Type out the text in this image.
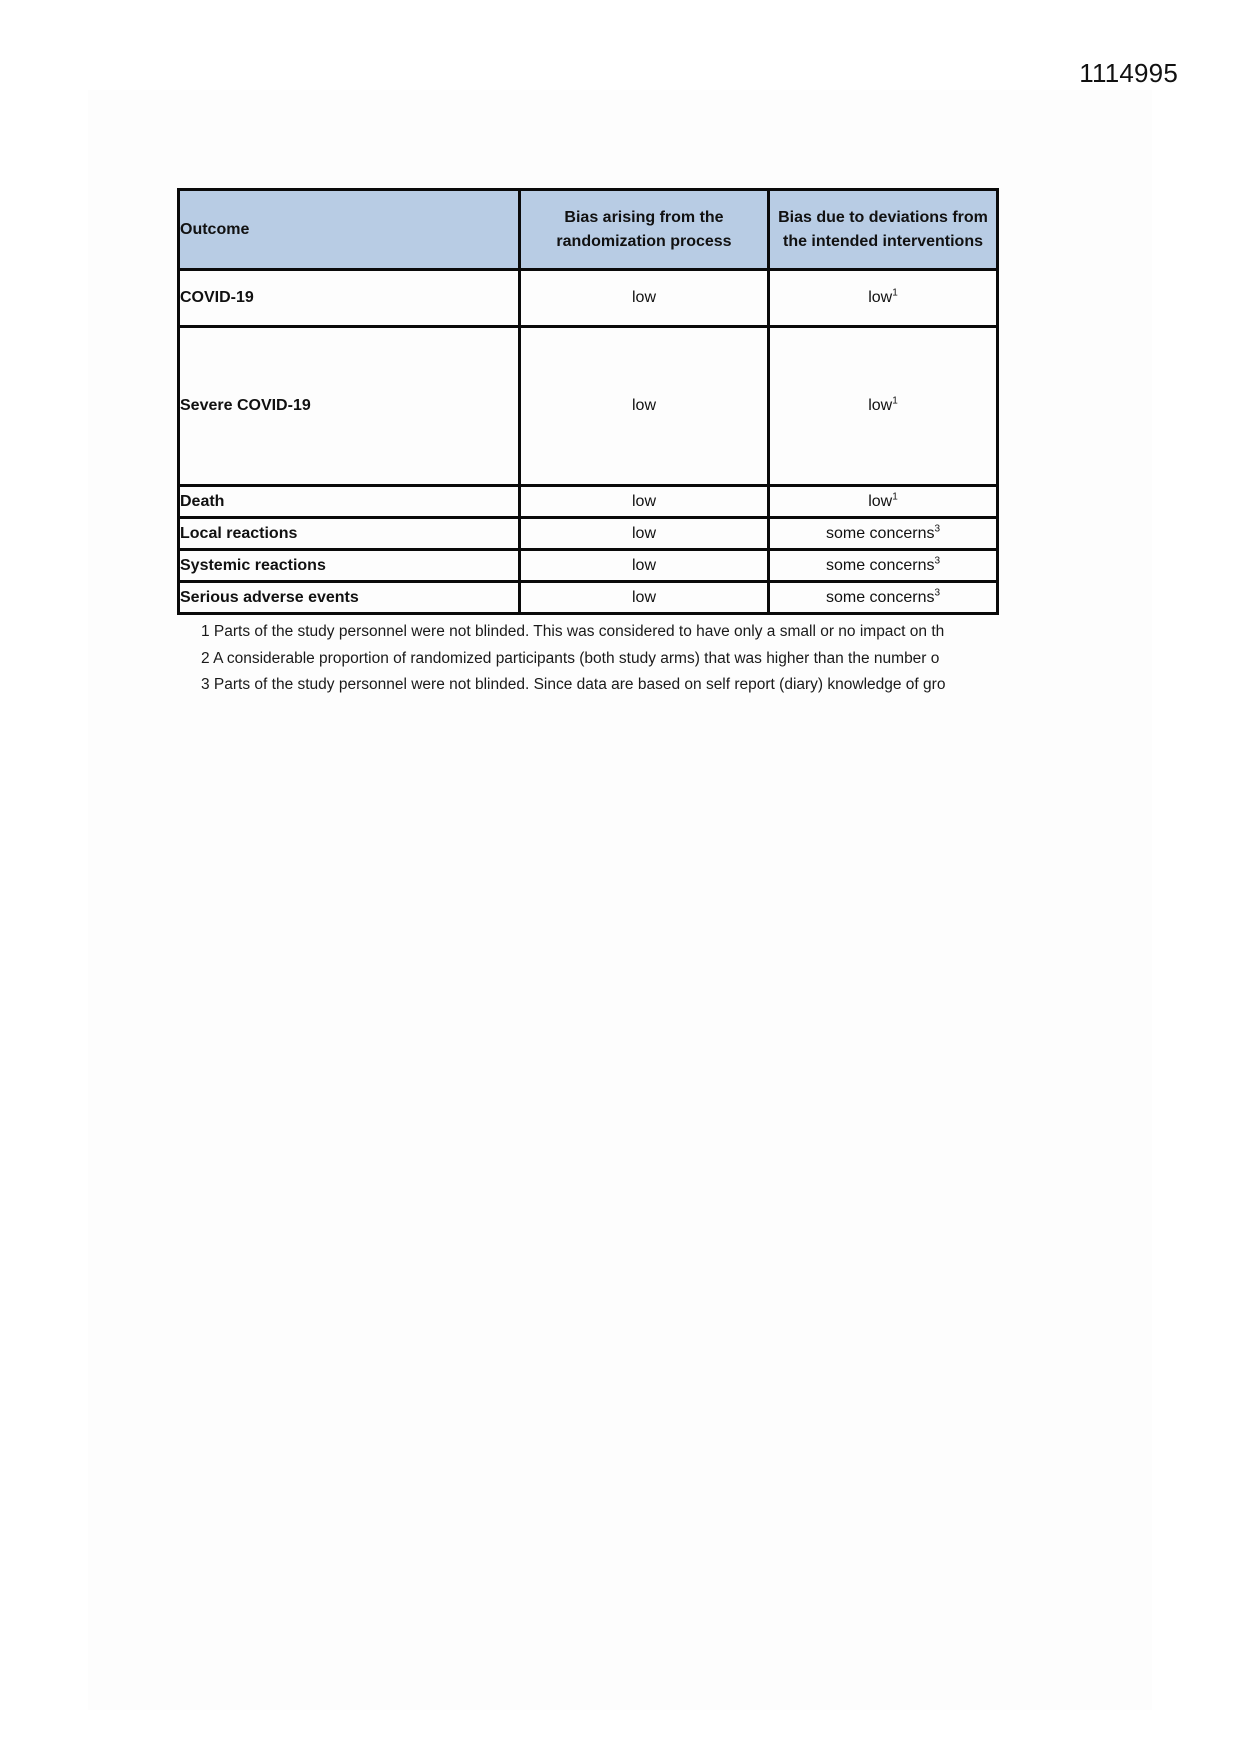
1114995
Outcome	Bias arising from the randomization process	Bias due to deviations from the intended interventions
COVID-19	low	low$^1$
Severe COVID-19	low	low$^1$
Death	low	low$^1$
Local reactions	low	some concerns$^3$
Systemic reactions	low	some concerns$^3$
Serious adverse events	low	some concerns$^3$
1 Parts of the study personnel were not blinded. This was considered to have only a small or no impact on th
2 A considerable proportion of randomized participants (both study arms) that was higher than the number o
3 Parts of the study personnel were not blinded. Since data are based on self report (diary) knowledge of gro
